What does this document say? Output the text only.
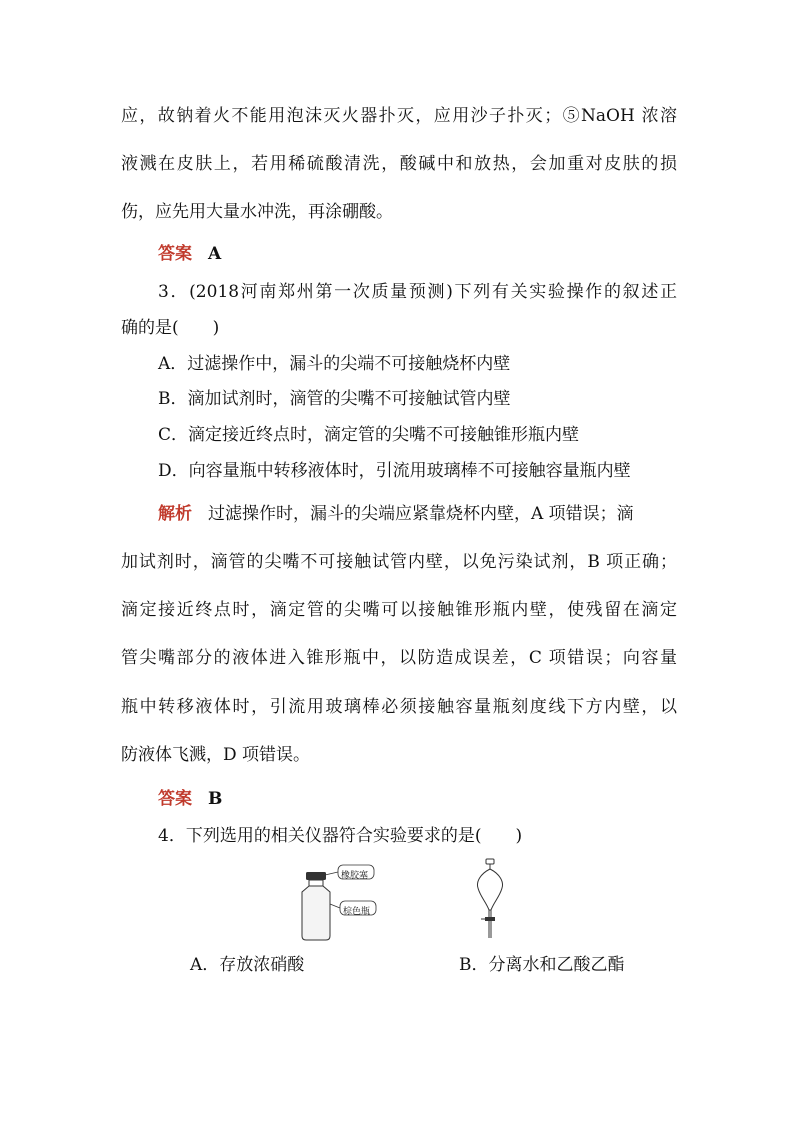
应，故钠着火不能用泡沫灭火器扑灭，应用沙子扑灭；⑤NaOH 浓溶
液溅在皮肤上，若用稀硫酸清洗，酸碱中和放热，会加重对皮肤的损
伤，应先用大量水冲洗，再涂硼酸。
答案 A
3．(2018河南郑州第一次质量预测)下列有关实验操作的叙述正
确的是(　　)
A．过滤操作中，漏斗的尖端不可接触烧杯内壁
B．滴加试剂时，滴管的尖嘴不可接触试管内壁
C．滴定接近终点时，滴定管的尖嘴不可接触锥形瓶内壁
D．向容量瓶中转移液体时，引流用玻璃棒不可接触容量瓶内壁
解析 过滤操作时，漏斗的尖端应紧靠烧杯内壁，A 项错误；滴
加试剂时，滴管的尖嘴不可接触试管内壁，以免污染试剂，B 项正确；
滴定接近终点时，滴定管的尖嘴可以接触锥形瓶内壁，使残留在滴定
管尖嘴部分的液体进入锥形瓶中，以防造成误差，C 项错误；向容量
瓶中转移液体时，引流用玻璃棒必须接触容量瓶刻度线下方内壁，以
防液体飞溅，D 项错误。
答案 B
4．下列选用的相关仪器符合实验要求的是(　　)
橡胶塞
棕色瓶
A．存放浓硝酸	B．分离水和乙酸乙酯
